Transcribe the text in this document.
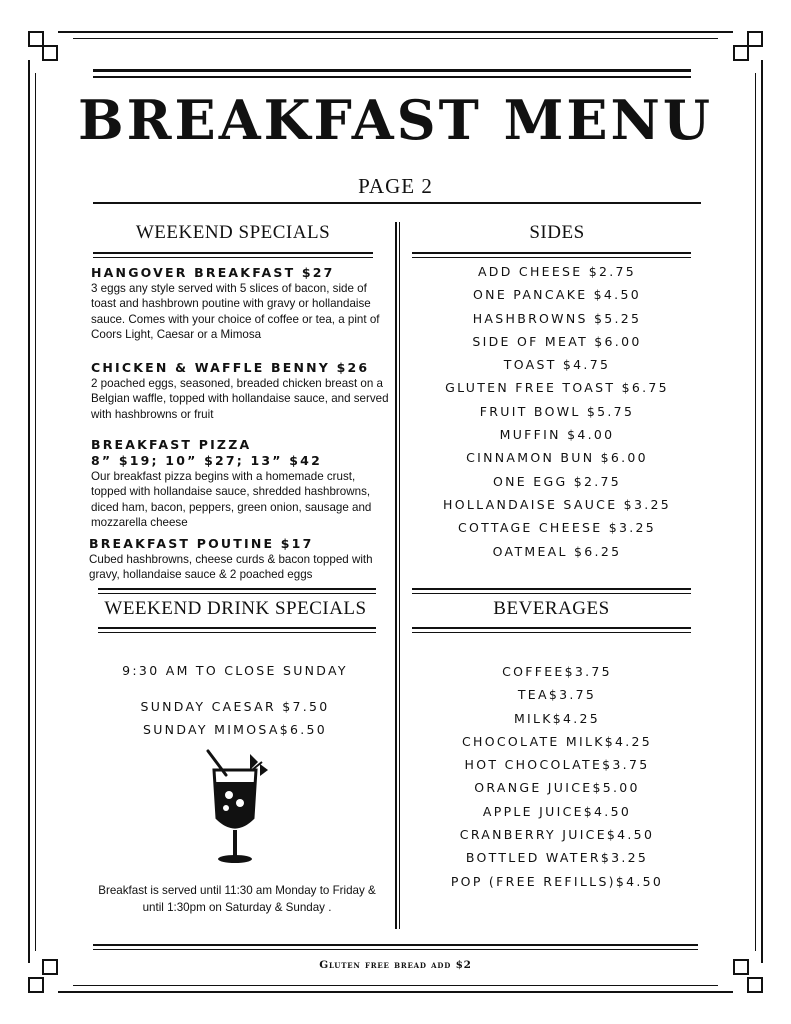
BREAKFAST MENU
PAGE 2
WEEKEND SPECIALS
HANGOVER BREAKFAST $27
3 eggs any style served with 5 slices of bacon, side of toast and hashbrown poutine with gravy or hollandaise sauce. Comes with your choice of coffee or tea, a pint of Coors Light, Caesar or a Mimosa
CHICKEN & WAFFLE BENNY $26
2 poached eggs, seasoned, breaded chicken breast on a Belgian waffle, topped with hollandaise sauce, and served with hashbrowns or fruit
BREAKFAST PIZZA
8” $19; 10” $27; 13” $42
Our breakfast pizza begins with a homemade crust, topped with hollandaise sauce, shredded hashbrowns, diced ham, bacon, peppers, green onion, sausage and mozzarella cheese
BREAKFAST POUTINE $17
Cubed hashbrowns, cheese curds & bacon topped with gravy, hollandaise sauce & 2 poached eggs
SIDES
ADD CHEESE $2.75
ONE PANCAKE $4.50
HASHBROWNS $5.25
SIDE OF MEAT $6.00
TOAST $4.75
GLUTEN FREE TOAST $6.75
FRUIT BOWL $5.75
MUFFIN $4.00
CINNAMON BUN $6.00
ONE EGG $2.75
HOLLANDAISE SAUCE $3.25
COTTAGE CHEESE $3.25
OATMEAL $6.25
WEEKEND DRINK SPECIALS
9:30 AM TO CLOSE SUNDAY
SUNDAY CAESAR $7.50
SUNDAY MIMOSA$6.50
Breakfast is served until 11:30 am Monday to Friday & until 1:30pm on Saturday & Sunday .
BEVERAGES
COFFEE$3.75
TEA$3.75
MILK$4.25
CHOCOLATE MILK$4.25
HOT CHOCOLATE$3.75
ORANGE JUICE$5.00
APPLE JUICE$4.50
CRANBERRY JUICE$4.50
BOTTLED WATER$3.25
POP (FREE REFILLS)$4.50
Gluten free bread add $2
